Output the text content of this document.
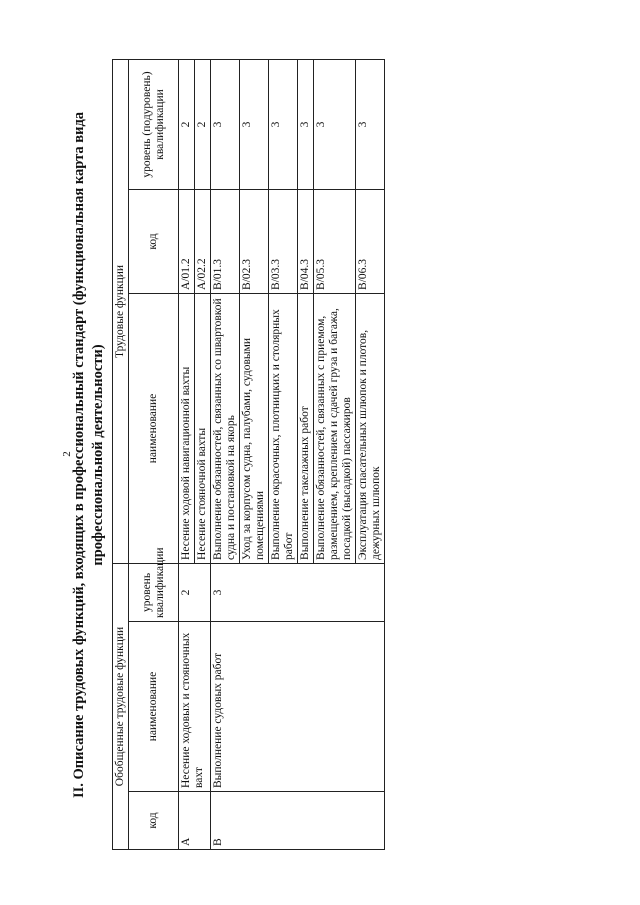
2
II. Описание трудовых функций, входящих в профессиональный стандарт (функциональная карта вида профессиональной деятельности)
Обобщенные трудовые функции			Трудовые функции		
код	наименование	уровень квалификации	наименование	код	уровень (подуровень) квалификации
A	Несение ходовых и стояночных вахт	2	Несение ходовой навигационной вахты	A/01.2	2
			Несение стояночной вахты	A/02.2	2
B	Выполнение судовых работ	3	Выполнение обязанностей, связанных со швартовкой судна и постановкой на якорь	B/01.3	3
			Уход за корпусом судна, палубами, судовыми помещениями	B/02.3	3
			Выполнение окрасочных, плотницких и столярных работ	B/03.3	3
			Выполнение такелажных работ	B/04.3	3
			Выполнение обязанностей, связанных с приемом, размещением, креплением и сдачей груза и багажа, посадкой (высадкой) пассажиров	B/05.3	3
			Эксплуатация спасательных шлюпок и плотов, дежурных шлюпок	B/06.3	3
